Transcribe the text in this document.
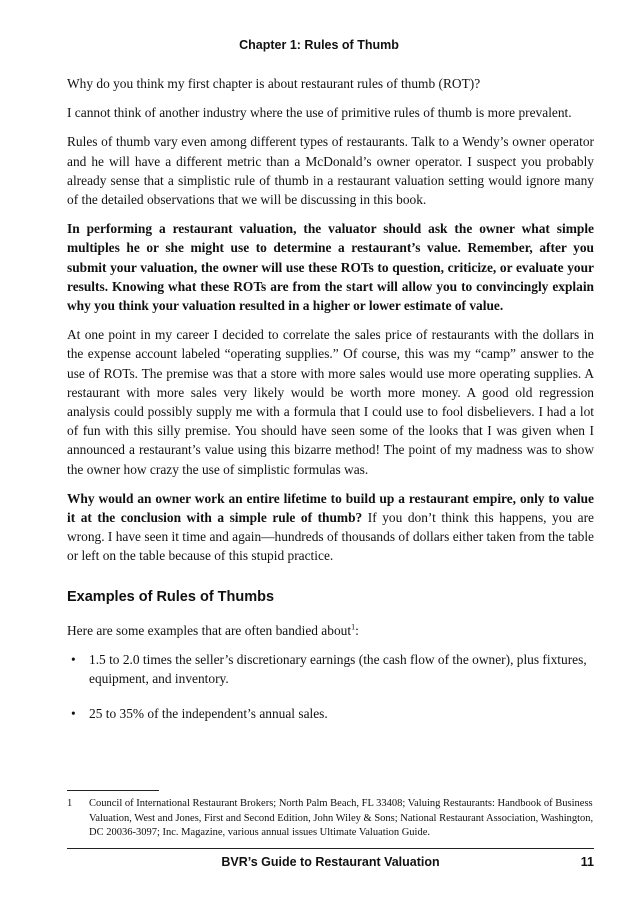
Chapter 1: Rules of Thumb

Why do you think my first chapter is about restaurant rules of thumb (ROT)?

I cannot think of another industry where the use of primitive rules of thumb is more prevalent.

Rules of thumb vary even among different types of restaurants. Talk to a Wendy’s owner operator and he will have a different metric than a McDonald’s owner operator. I suspect you probably already sense that a simplistic rule of thumb in a restaurant valuation setting would ignore many of the detailed observations that we will be discussing in this book.

In performing a restaurant valuation, the valuator should ask the owner what simple multiples he or she might use to determine a restaurant’s value. Remember, after you submit your valuation, the owner will use these ROTs to question, criticize, or evaluate your results. Knowing what these ROTs are from the start will allow you to convincingly explain why you think your valuation resulted in a higher or lower estimate of value.

At one point in my career I decided to correlate the sales price of restaurants with the dollars in the expense account labeled “operating supplies.” Of course, this was my “camp” answer to the use of ROTs. The premise was that a store with more sales would use more operating supplies. A restaurant with more sales very likely would be worth more money. A good old regression analysis could possibly supply me with a formula that I could use to fool disbelievers. I had a lot of fun with this silly premise. You should have seen some of the looks that I was given when I announced a restaurant’s value using this bizarre method! The point of my madness was to show the owner how crazy the use of simplistic formulas was.

Why would an owner work an entire lifetime to build up a restaurant empire, only to value it at the conclusion with a simple rule of thumb? If you don’t think this happens, you are wrong. I have seen it time and again—hundreds of thousands of dollars either taken from the table or left on the table because of this stupid practice.

Examples of Rules of Thumbs

Here are some examples that are often bandied about$^1$:

• 1.5 to 2.0 times the seller’s discretionary earnings (the cash flow of the owner), plus fixtures, equipment, and inventory.
• 25 to 35% of the independent’s annual sales.
1 Council of International Restaurant Brokers; North Palm Beach, FL 33408; Valuing Restaurants: Handbook of Business Valuation, West and Jones, First and Second Edition, John Wiley & Sons; National Restaurant Association, Washington, DC 20036-3097; Inc. Magazine, various annual issues Ultimate Valuation Guide.
BVR’s Guide to Restaurant Valuation	11
